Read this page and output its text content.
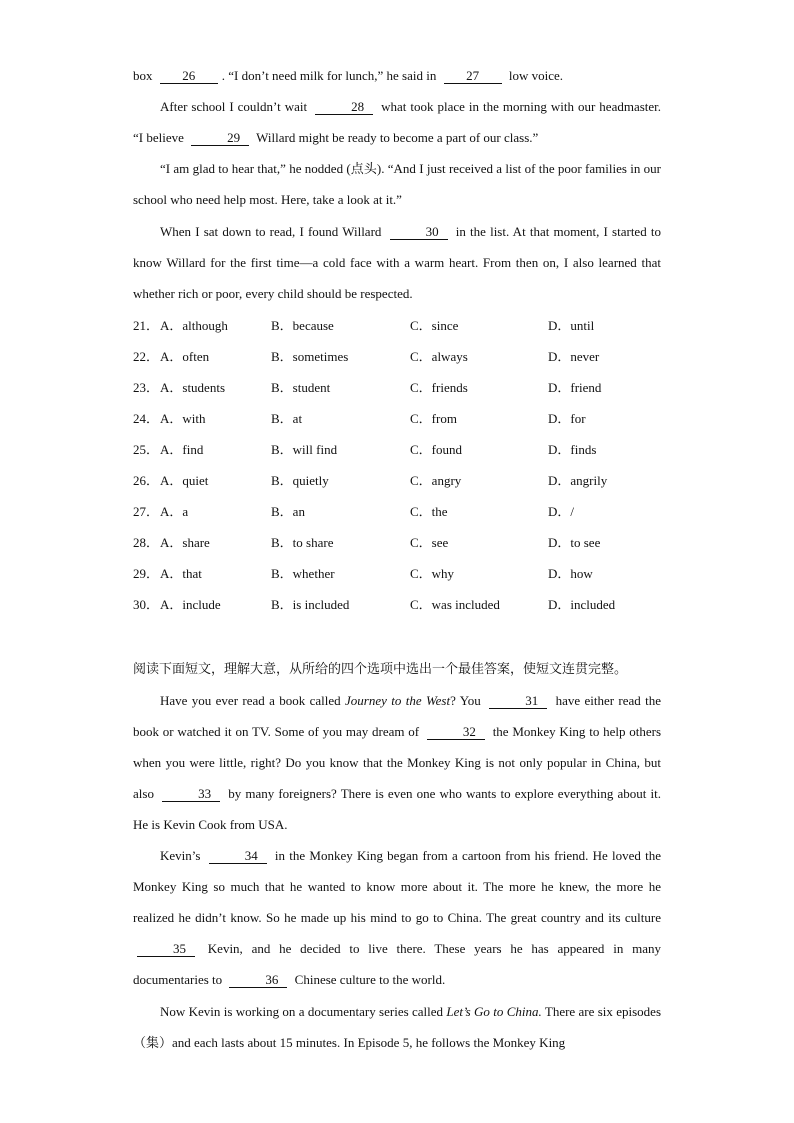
box 26 . “I don’t need milk for lunch,” he said in 27 low voice.
After school I couldn’t wait	28 what took place in the morning with our headmaster. “I believe	29 Willard might be ready to become a part of our class.”
“I am glad to hear that,” he nodded (点头). “And I just received a list of the poor families in our school who need help most. Here, take a look at it.”
When I sat down to read, I found Willard	30 in the list. At that moment, I started to know Willard for the first time—a cold face with a warm heart. From then on, I also learned that whether rich or poor, every child should be respected.
21． A．although	B．because	C．since	D．until
22． A．often	B．sometimes	C．always	D．never
23． A．students	B．student	C．friends	D．friend
24． A．with	B．at	C．from	D．for
25． A．find	B．will find	C．found	D．finds
26． A．quiet	B．quietly	C．angry	D．angrily
27． A．a	B．an	C．the	D．/
28． A．share	B．to share	C．see	D．to see
29． A．that	B．whether	C．why	D．how
30． A．include	B．is included	C．was included	D．included
阅读下面短文，理解大意，从所给的四个选项中选出一个最佳答案，使短文连贯完整。
Have you ever read a book called Journey to the West? You	31 have either read the book or watched it on TV. Some of you may dream of	32 the Monkey King to help others when you were little, right? Do you know that the Monkey King is not only popular in China, but also	33 by many foreigners? There is even one who wants to explore everything about it. He is Kevin Cook from USA.
Kevin’s	34 in the Monkey King began from a cartoon from his friend. He loved the Monkey King so much that he wanted to know more about it. The more he knew, the more he realized he didn’t know. So he made up his mind to go to China. The great country and its culture 35 Kevin, and he decided to live there. These years he has appeared in many documentaries to	36 Chinese culture to the world.
Now Kevin is working on a documentary series called Let’s Go to China. There are six episodes（集）and each lasts about 15 minutes. In Episode 5, he follows the Monkey King
